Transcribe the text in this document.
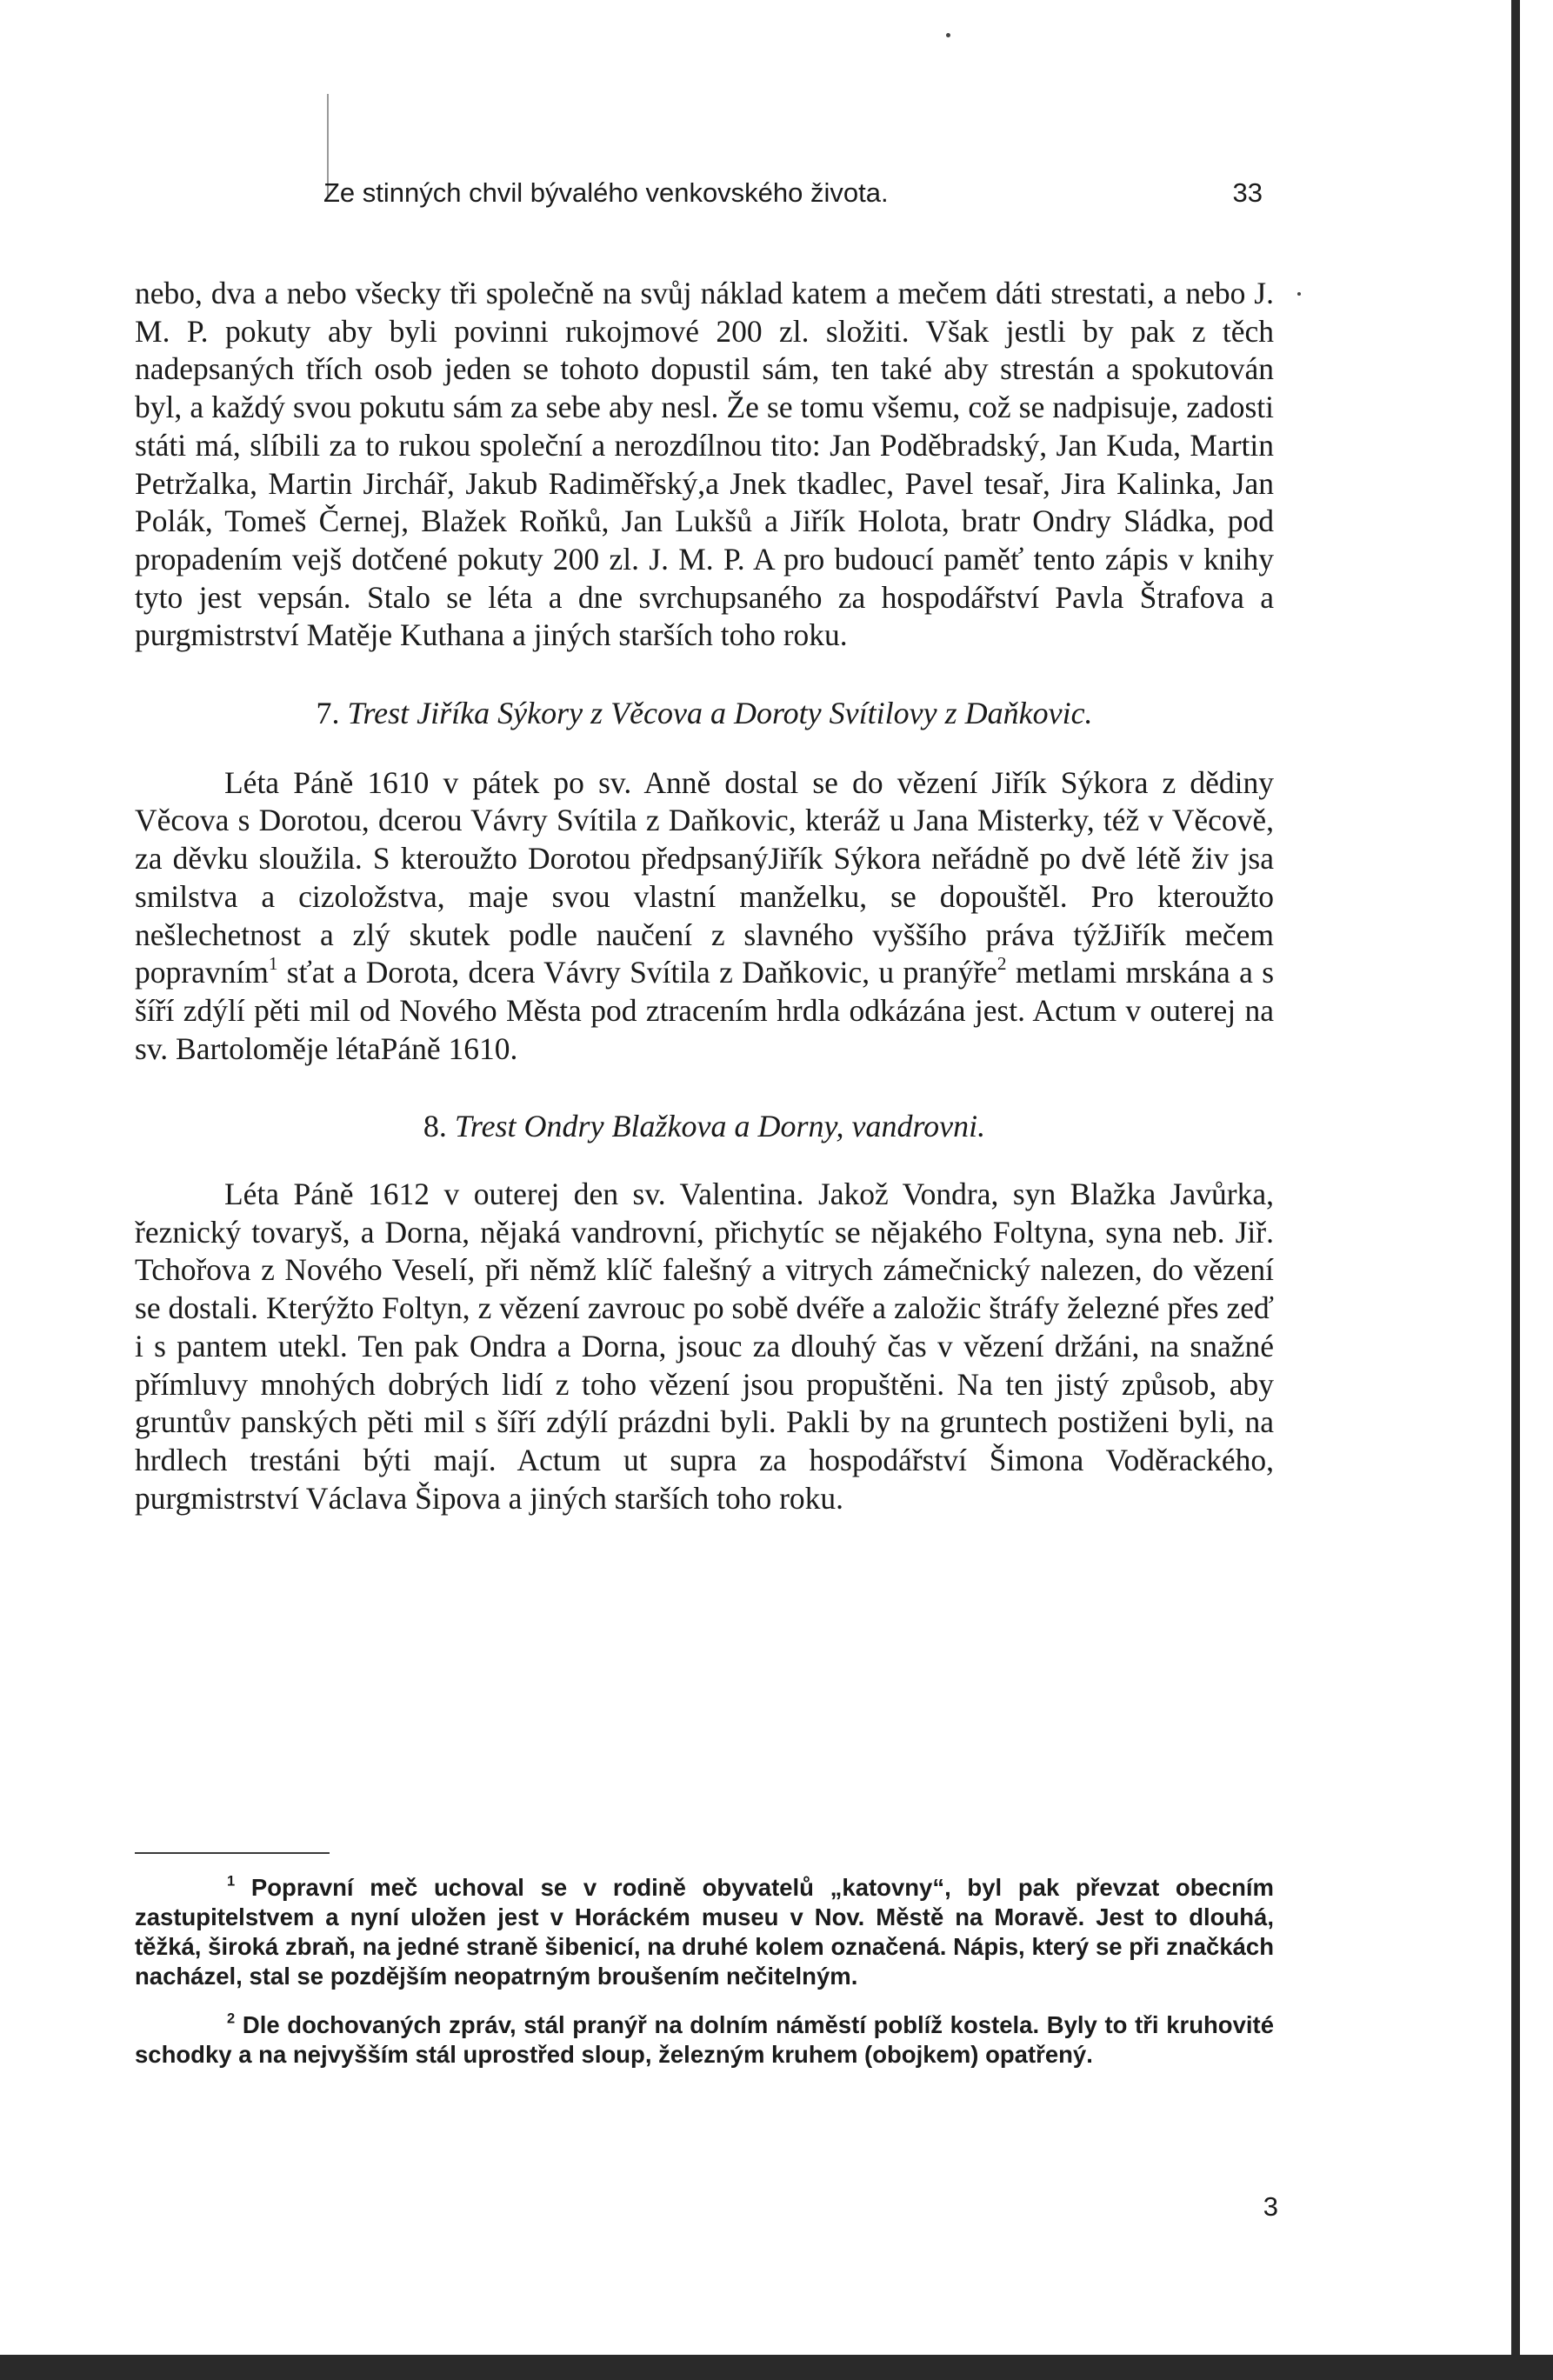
Ze stinných chvil bývalého venkovského života.	33

nebo, dva a nebo všecky tři společně na svůj náklad katem a mečem dáti strestati, a nebo J. M. P. pokuty aby byli povinni rukojmové 200 zl. složiti. Však jestli by pak z těch nadepsaných třích osob jeden se tohoto dopustil sám, ten také aby strestán a spokutován byl, a každý svou pokutu sám za sebe aby nesl. Že se tomu všemu, což se nadpisuje, zadosti státi má, slíbili za to rukou společní a nerozdílnou tito: Jan Poděbradský, Jan Kuda, Martin Petržalka, Martin Jirchář, Jakub Radiměřský,a Jnek tkadlec, Pavel tesař, Jira Kalinka, Jan Polák, Tomeš Černej, Blažek Roňků, Jan Lukšů a Jiřík Holota, bratr Ondry Sládka, pod propadením vejš dotčené pokuty 200 zl. J. M. P. A pro budoucí paměť tento zápis v knihy tyto jest vepsán. Stalo se léta a dne svrchupsaného za hospodářství Pavla Štrafova a purgmistrství Matěje Kuthana a jiných starších toho roku.

7. Trest Jiříka Sýkory z Věcova a Doroty Svítilovy z Daňkovic.

Léta Páně 1610 v pátek po sv. Anně dostal se do vězení Jiřík Sýkora z dědiny Věcova s Dorotou, dcerou Vávry Svítila z Daňkovic, kteráž u Jana Misterky, též v Věcově, za děvku sloužila. S kteroužto Dorotou předpsanýJiřík Sýkora neřádně po dvě létě živ jsa smilstva a cizoložstva, maje svou vlastní manželku, se dopouštěl. Pro kteroužto nešlechetnost a zlý skutek podle naučení z slavného vyššího práva týžJiřík mečem popravním$^1$ sťat a Dorota, dcera Vávry Svítila z Daňkovic, u pranýře$^2$ metlami mrskána a s šíří zdýlí pěti mil od Nového Města pod ztracením hrdla odkázána jest. Actum v outerej na sv. Bartoloměje létaPáně 1610.

8. Trest Ondry Blažkova a Dorny, vandrovni.

Léta Páně 1612 v outerej den sv. Valentina. Jakož Vondra, syn Blažka Javůrka, řeznický tovaryš, a Dorna, nějaká vandrovní, přichytíc se nějakého Foltyna, syna neb. Jiř. Tchořova z Nového Veselí, při němž klíč falešný a vitrych zámečnický nalezen, do vězení se dostali. Kterýžto Foltyn, z vězení zavrouc po sobě dvéře a založic štráfy železné přes zeď i s pantem utekl. Ten pak Ondra a Dorna, jsouc za dlouhý čas v vězení držáni, na snažné přímluvy mnohých dobrých lidí z toho vězení jsou propuštěni. Na ten jistý způsob, aby gruntův panských pěti mil s šíří zdýlí prázdni byli. Pakli by na gruntech postiženi byli, na hrdlech trestáni býti mají. Actum ut supra za hospodářství Šimona Voděrackého, purgmistrství Václava Šipova a jiných starších toho roku.

$^1$ Popravní meč uchoval se v rodině obyvatelů „katovny“, byl pak převzat obecním zastupitelstvem a nyní uložen jest v Horáckém museu v Nov. Městě na Moravě. Jest to dlouhá, těžká, široká zbraň, na jedné straně šibenicí, na druhé kolem označená. Nápis, který se při značkách nacházel, stal se pozdějším neopatrným broušením nečitelným.

$^2$ Dle dochovaných zpráv, stál pranýř na dolním náměstí poblíž kostela. Byly to tři kruhovité schodky a na nejvyšším stál uprostřed sloup, železným kruhem (obojkem) opatřený.

3
